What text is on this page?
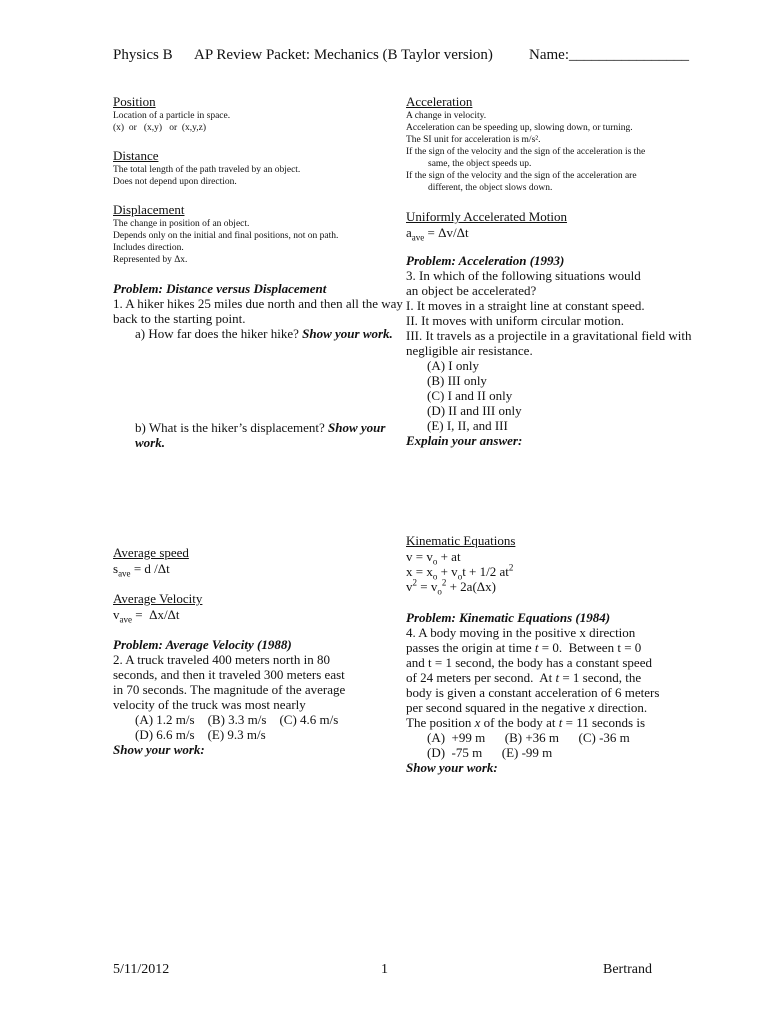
Physics B AP Review Packet: Mechanics (B Taylor version) Name:________________
Position
Location of a particle in space.
(x)  or   (x,y)   or  (x,y,z)
Distance
The total length of the path traveled by an object.
Does not depend upon direction.
Displacement
The change in position of an object.
Depends only on the initial and final positions, not on path.
Includes direction.
Represented by Δx.
Problem: Distance versus Displacement
1. A hiker hikes 25 miles due north and then all the way back to the starting point.
a) How far does the hiker hike? Show your work.
b) What is the hiker’s displacement? Show your work.
Average speed
$s_{ave} = d$ /Δt
Average Velocity
$v_{ave} = \Delta x/\Delta t$
Problem: Average Velocity (1988)
2. A truck traveled 400 meters north in 80 seconds, and then it traveled 300 meters east in 70 seconds. The magnitude of the average velocity of the truck was most nearly
(A) 1.2 m/s    (B) 3.3 m/s    (C) 4.6 m/s
(D) 6.6 m/s    (E) 9.3 m/s
Show your work:
Acceleration
A change in velocity.
Acceleration can be speeding up, slowing down, or turning.
The SI unit for acceleration is m/s².
If the sign of the velocity and the sign of the acceleration is the
same, the object speeds up.
If the sign of the velocity and the sign of the acceleration are
different, the object slows down.
Uniformly Accelerated Motion
$a_{ave} = \Delta v/\Delta t$
Problem: Acceleration (1993)
3. In which of the following situations would an object be accelerated?
I. It moves in a straight line at constant speed.
II. It moves with uniform circular motion.
III. It travels as a projectile in a gravitational field with negligible air resistance.
(A) I only
(B) III only
(C) I and II only
(D) II and III only
(E) I, II, and III
Explain your answer:
Kinematic Equations
$v = v_o$ + at
$x = x_o + v_ot + 1/2$ $at^2$
$v^2 = v_o^2 + 2a(\Delta x)$
Problem: Kinematic Equations (1984)
4. A body moving in the positive x direction passes the origin at time t = 0.  Between t = 0 and t = 1 second, the body has a constant speed of 24 meters per second.  At t = 1 second, the body is given a constant acceleration of 6 meters per second squared in the negative x direction.  The position x of the body at t = 11 seconds is
(A)  +99 m      (B) +36 m      (C) -36 m
(D)  -75 m      (E) -99 m
Show your work:
5/11/2012	1	Bertrand
